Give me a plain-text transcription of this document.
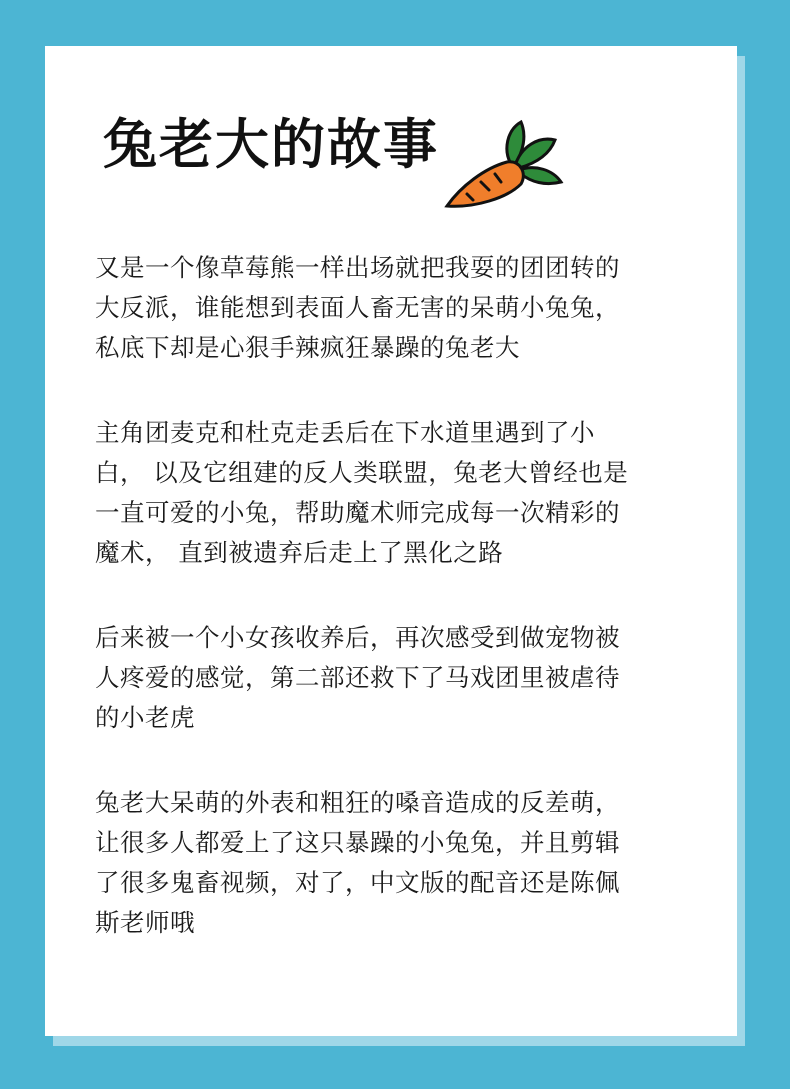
兔老大的故事

又是一个像草莓熊一样出场就把我耍的团团转的
大反派，谁能想到表面人畜无害的呆萌小兔兔，
私底下却是心狠手辣疯狂暴躁的兔老大

主角团麦克和杜克走丢后在下水道里遇到了小
白， 以及它组建的反人类联盟，兔老大曾经也是
一直可爱的小兔，帮助魔术师完成每一次精彩的
魔术， 直到被遗弃后走上了黑化之路

后来被一个小女孩收养后，再次感受到做宠物被
人疼爱的感觉，第二部还救下了马戏团里被虐待
的小老虎

兔老大呆萌的外表和粗狂的嗓音造成的反差萌，
让很多人都爱上了这只暴躁的小兔兔，并且剪辑
了很多鬼畜视频，对了，中文版的配音还是陈佩
斯老师哦
